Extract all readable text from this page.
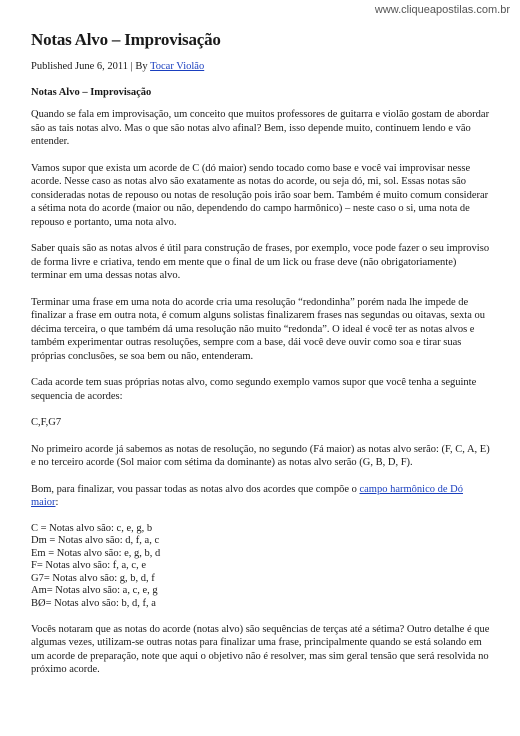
www.cliqueapostilas.com.br
Notas Alvo – Improvisação
Published June 6, 2011 | By Tocar Violão
Notas Alvo – Improvisação

Quando se fala em improvisação, um conceito que muitos professores de guitarra e violão gostam de abordar são as tais notas alvo. Mas o que são notas alvo afinal? Bem, isso depende muito, continuem lendo e vão entender.

Vamos supor que exista um acorde de C (dó maior) sendo tocado como base e você vai improvisar nesse acorde. Nesse caso as notas alvo são exatamente as notas do acorde, ou seja dó, mi, sol. Essas notas são consideradas notas de repouso ou notas de resolução pois irão soar bem. Também é muito comum considerar a sétima nota do acorde (maior ou não, dependendo do campo harmônico) – neste caso o si, uma nota de repouso e portanto, uma nota alvo.

Saber quais são as notas alvos é útil para construção de frases, por exemplo, voce pode fazer o seu improviso de forma livre e criativa, tendo em mente que o final de um lick ou frase deve (não obrigatoriamente) terminar em uma dessas notas alvo.

Terminar uma frase em uma nota do acorde cria uma resolução “redondinha” porém nada lhe impede de finalizar a frase em outra nota, é comum alguns solistas finalizarem frases nas segundas ou oitavas, sexta ou décima terceira, o que também dá uma resolução não muito “redonda”. O ideal é você ter as notas alvos e também experimentar outras resoluções, sempre com a base, dái você deve ouvir como soa e tirar suas próprias conclusões, se soa bem ou não, entenderam.

Cada acorde tem suas próprias notas alvo, como segundo exemplo vamos supor que você tenha a seguinte sequencia de acordes:

C,F,G7

No primeiro acorde já sabemos as notas de resolução, no segundo (Fá maior) as notas alvo serão: (F, C, A, E) e no terceiro acorde (Sol maior com sétima da dominante) as notas alvo serão (G, B, D, F).

Bom, para finalizar, vou passar todas as notas alvo dos acordes que compõe o campo harmônico de Dó maior:

C = Notas alvo são: c, e, g, b
Dm = Notas alvo são: d, f, a, c
Em = Notas alvo são: e, g, b, d
F= Notas alvo são: f, a, c, e
G7= Notas alvo são: g, b, d, f
Am= Notas alvo são: a, c, e, g
BØ= Notas alvo são: b, d, f, a

Vocês notaram que as notas do acorde (notas alvo) são sequências de terças até a sétima? Outro detalhe é que algumas vezes, utilizam-se outras notas para finalizar uma frase, principalmente quando se está solando em um acorde de preparação, note que aqui o objetivo não é resolver, mas sim geral tensão que será resolvida no próximo acorde.
